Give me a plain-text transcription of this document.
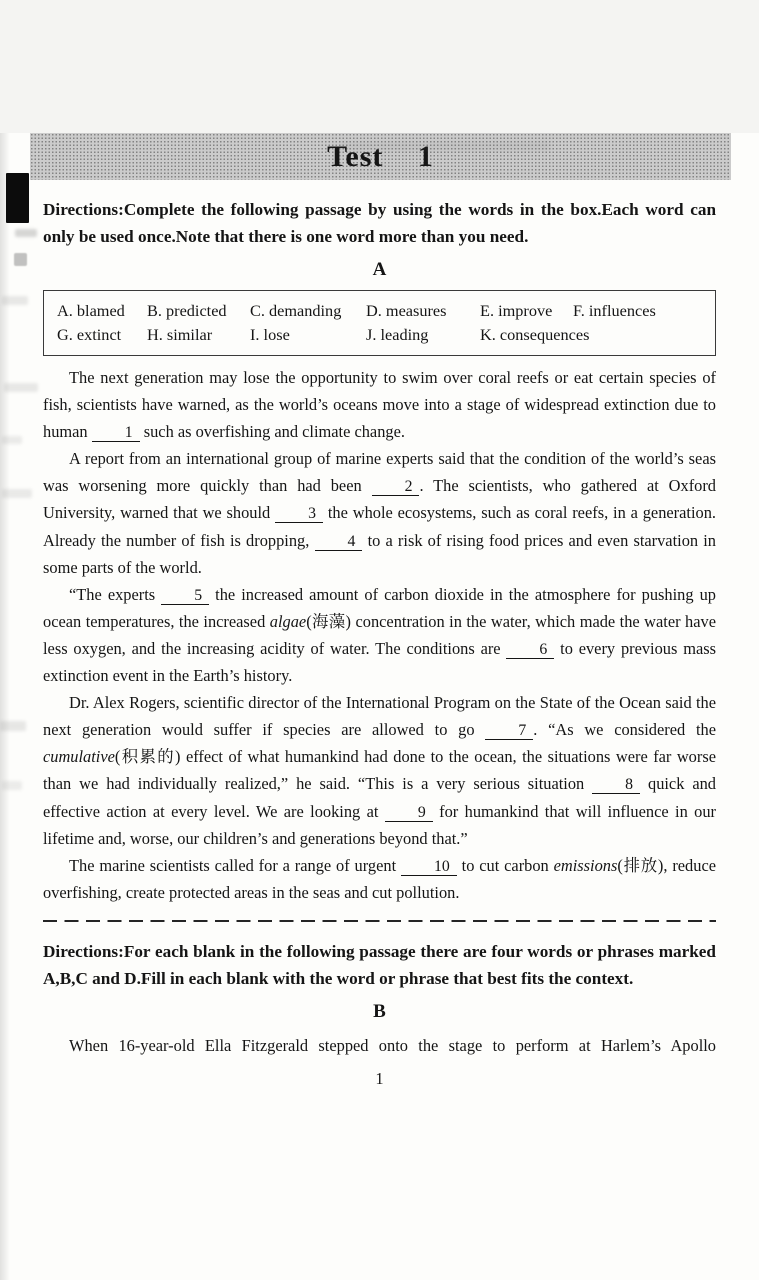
Test 1

Directions:Complete the following passage by using the words in the box.Each word can only be used once.Note that there is one word more than you need.

A
A. blamed	B. predicted	C. demanding	D. measures	E. improve	F. influences
G. extinct	H. similar	I. lose	J. leading	K. consequences

The next generation may lose the opportunity to swim over coral reefs or eat certain species of fish, scientists have warned, as the world’s oceans move into a stage of widespread extinction due to human 1 such as overfishing and climate change.

A report from an international group of marine experts said that the condition of the world’s seas was worsening more quickly than had been 2 . The scientists, who gathered at Oxford University, warned that we should 3 the whole ecosystems, such as coral reefs, in a generation. Already the number of fish is dropping, 4 to a risk of rising food prices and even starvation in some parts of the world.

“The experts 5 the increased amount of carbon dioxide in the atmosphere for pushing up ocean temperatures, the increased algae(海藻) concentration in the water, which made the water have less oxygen, and the increasing acidity of water. The conditions are 6 to every previous mass extinction event in the Earth’s history.

Dr. Alex Rogers, scientific director of the International Program on the State of the Ocean said the next generation would suffer if species are allowed to go 7 . “As we considered the cumulative(积累的) effect of what humankind had done to the ocean, the situations were far worse than we had individually realized,” he said. “This is a very serious situation 8 quick and effective action at every level. We are looking at 9 for humankind that will influence in our lifetime and, worse, our children’s and generations beyond that.”

The marine scientists called for a range of urgent 10 to cut carbon emissions(排放), reduce overfishing, create protected areas in the seas and cut pollution.

Directions:For each blank in the following passage there are four words or phrases marked A,B,C and D.Fill in each blank with the word or phrase that best fits the context.

B

When 16-year-old Ella Fitzgerald stepped onto the stage to perform at Harlem’s Apollo

1
